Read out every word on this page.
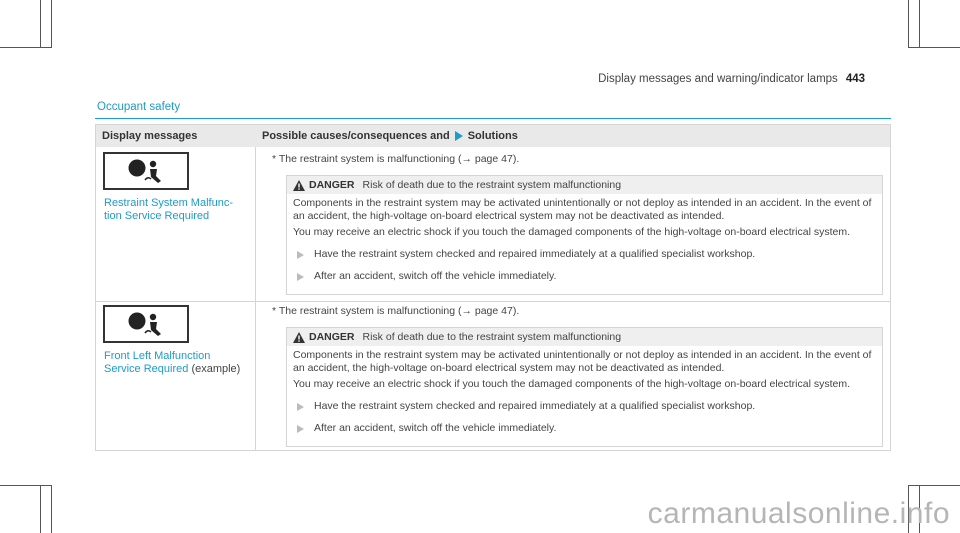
Display messages and warning/indicator lamps 443
Occupant safety
Display messages	Possible causes/consequences and Solutions
Restraint System Malfunc-
tion Service Required
* The restraint system is malfunctioning (→ page 47).
DANGER Risk of death due to the restraint system malfunctioning

Components in the restraint system may be activated unintentionally or not deploy as intended in an accident. In the event of an accident, the high-voltage on-board electrical system may not be deactivated as intended.

You may receive an electric shock if you touch the damaged components of the high-voltage on-board electrical system.

Have the restraint system checked and repaired immediately at a qualified specialist workshop.
After an accident, switch off the vehicle immediately.
Front Left Malfunction
Service Required (example)
* The restraint system is malfunctioning (→ page 47).
DANGER Risk of death due to the restraint system malfunctioning

Components in the restraint system may be activated unintentionally or not deploy as intended in an accident. In the event of an accident, the high-voltage on-board electrical system may not be deactivated as intended.

You may receive an electric shock if you touch the damaged components of the high-voltage on-board electrical system.

Have the restraint system checked and repaired immediately at a qualified specialist workshop.
After an accident, switch off the vehicle immediately.
carmanualsonline.info
